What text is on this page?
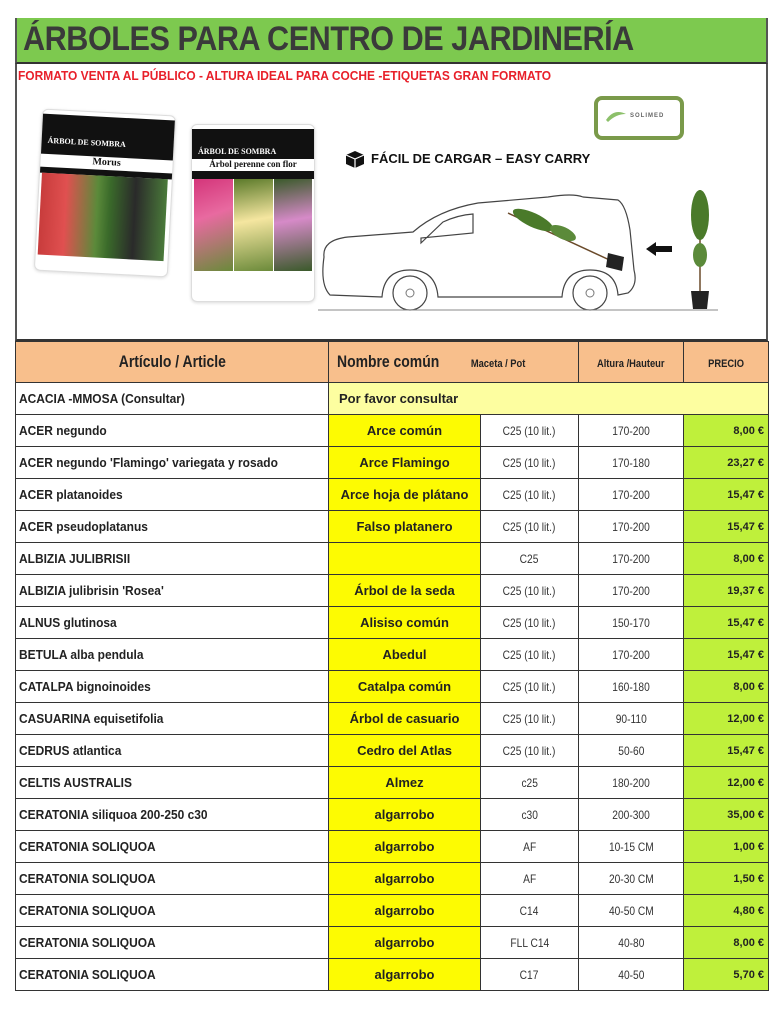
ÁRBOLES PARA CENTRO DE JARDINERÍA
FORMATO VENTA AL PÚBLICO - ALTURA IDEAL PARA COCHE -ETIQUETAS GRAN FORMATO
ÁRBOL DE SOMBRA
Morus
ÁRBOL DE SOMBRA
Árbol perenne con flor
SOLIMED
FÁCIL DE CARGAR – EASY CARRY
Artículo / Article	Nombre común Maceta / Pot		Altura /Hauteur	PRECIO
ACACIA -MMOSA (Consultar)	Por favor consultar			
ACER negundo	Arce común	C25 (10 lit.)	170-200	8,00 €
ACER negundo 'Flamingo' variegata y rosado	Arce Flamingo	C25 (10 lit.)	170-180	23,27 €
ACER platanoides	Arce hoja de plátano	C25 (10 lit.)	170-200	15,47 €
ACER pseudoplatanus	Falso platanero	C25 (10 lit.)	170-200	15,47 €
ALBIZIA JULIBRISII		C25	170-200	8,00 €
ALBIZIA julibrisin 'Rosea'	Árbol de la seda	C25 (10 lit.)	170-200	19,37 €
ALNUS glutinosa	Alisiso común	C25 (10 lit.)	150-170	15,47 €
BETULA alba pendula	Abedul	C25 (10 lit.)	170-200	15,47 €
CATALPA bignoinoides	Catalpa común	C25 (10 lit.)	160-180	8,00 €
CASUARINA equisetifolia	Árbol de casuario	C25 (10 lit.)	90-110	12,00 €
CEDRUS atlantica	Cedro del Atlas	C25 (10 lit.)	50-60	15,47 €
CELTIS AUSTRALIS	Almez	c25	180-200	12,00 €
CERATONIA siliquoa 200-250 c30	algarrobo	c30	200-300	35,00 €
CERATONIA SOLIQUOA	algarrobo	AF	10-15 CM	1,00 €
CERATONIA SOLIQUOA	algarrobo	AF	20-30 CM	1,50 €
CERATONIA SOLIQUOA	algarrobo	C14	40-50 CM	4,80 €
CERATONIA SOLIQUOA	algarrobo	FLL C14	40-80	8,00 €
CERATONIA SOLIQUOA	algarrobo	C17	40-50	5,70 €
